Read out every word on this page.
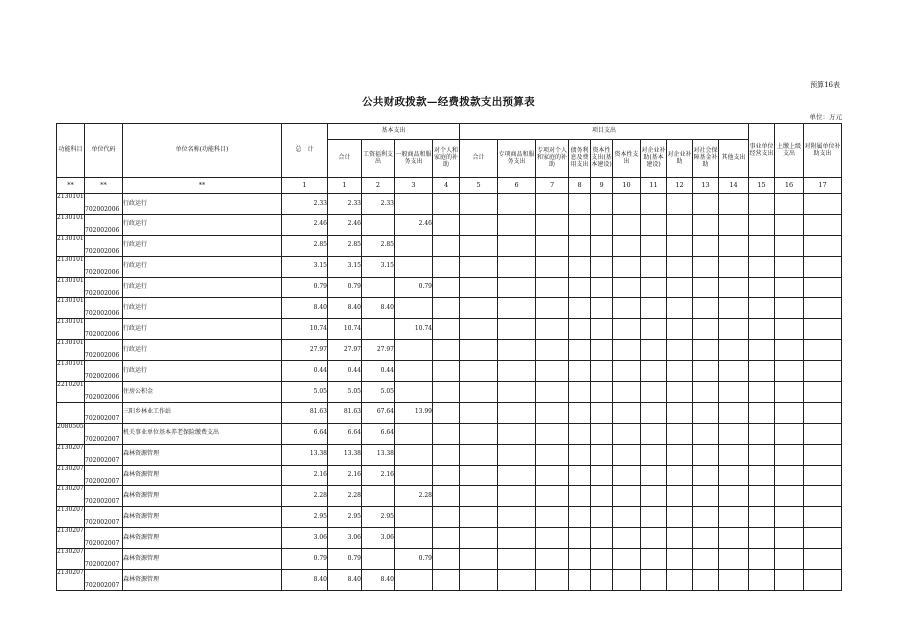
预算16表
公共财政拨款—经费拨款支出预算表
单位：万元
功能科目	单位代码	单位名称(功能科目)	总　计	基本支出				项目支出										事业单位经营支出	上缴上级支出	对附属单位补助支出
				合计	工资福利支出	一般商品和服务支出	对个人和家庭的补助	合计	专项商品和服务支出	专项对个人和家庭的补助	债务利息及费用支出	资本性支出(基本建设)	资本性支出	对企业补助(基本建设)	对企业补助	对社会保障基金补助	其他支出			
**	**	**	1	1	2	3	4	5	6	7	8	9	10	11	12	13	14	15	16	17
2130101	702002006	行政运行	2.33	2.33	2.33															
2130101	702002006	行政运行	2.46	2.46		2.46														
2130101	702002006	行政运行	2.85	2.85	2.85															
2130101	702002006	行政运行	3.15	3.15	3.15															
2130101	702002006	行政运行	0.79	0.79		0.79														
2130101	702002006	行政运行	8.40	8.40	8.40															
2130101	702002006	行政运行	10.74	10.74		10.74														
2130101	702002006	行政运行	27.97	27.97	27.97															
2130101	702002006	行政运行	0.44	0.44	0.44															
2210201	702002006	住房公积金	5.05	5.05	5.05															
	702002007	三阳乡林业工作站	81.63	81.63	67.64	13.99														
2080505	702002007	机关事业单位基本养老保险缴费支出	6.64	6.64	6.64															
2130207	702002007	森林资源管理	13.38	13.38	13.38															
2130207	702002007	森林资源管理	2.16	2.16	2.16															
2130207	702002007	森林资源管理	2.28	2.28		2.28														
2130207	702002007	森林资源管理	2.95	2.95	2.95															
2130207	702002007	森林资源管理	3.06	3.06	3.06															
2130207	702002007	森林资源管理	0.79	0.79		0.79														
2130207	702002007	森林资源管理	8.40	8.40	8.40															
